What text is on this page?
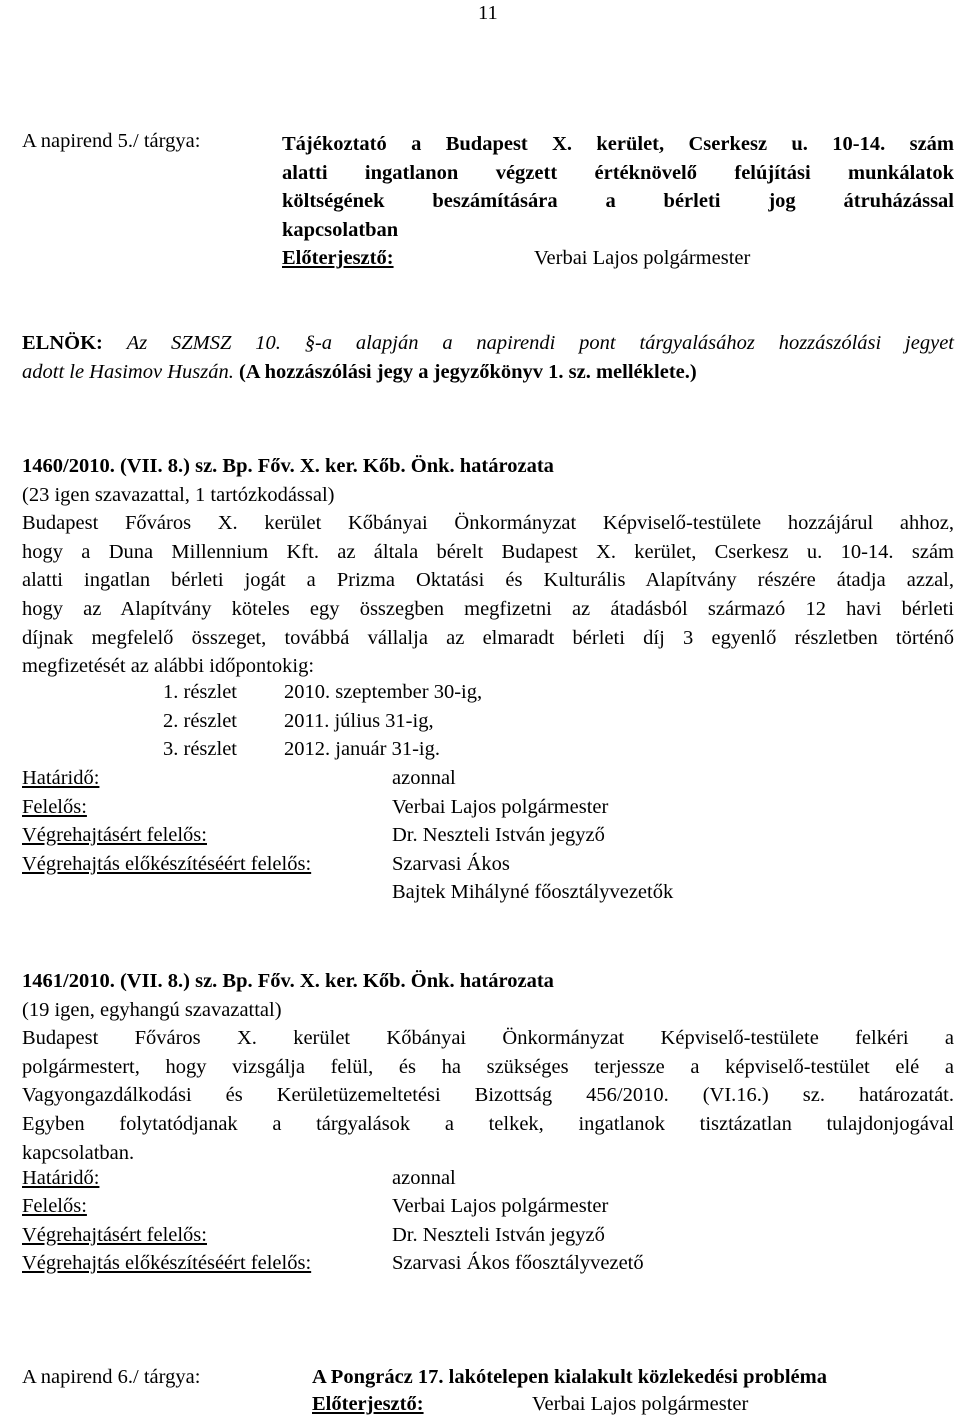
11
A napirend 5./ tárgya:	Tájékoztató a Budapest X. kerület, Cserkesz u. 10-14. szám
alatti ingatlanon végzett értéknövelő felújítási munkálatok
költségének beszámítására a bérleti jog átruházással
kapcsolatban
Előterjesztő:	Verbai Lajos polgármester
ELNÖK: Az SZMSZ 10. §-a alapján a napirendi pont tárgyalásához hozzászólási jegyet
adott le Hasimov Huszán. (A hozzászólási jegy a jegyzőkönyv 1. sz. melléklete.)
1460/2010. (VII. 8.) sz. Bp. Főv. X. ker. Kőb. Önk. határozata
(23 igen szavazattal, 1 tartózkodással)
Budapest Főváros X. kerület Kőbányai Önkormányzat Képviselő-testülete hozzájárul ahhoz,
hogy a Duna Millennium Kft. az általa bérelt Budapest X. kerület, Cserkesz u. 10-14. szám
alatti ingatlan bérleti jogát a Prizma Oktatási és Kulturális Alapítvány részére átadja azzal,
hogy az Alapítvány köteles egy összegben megfizetni az átadásból származó 12 havi bérleti
díjnak megfelelő összeget, továbbá vállalja az elmaradt bérleti díj 3 egyenlő részletben történő
megfizetését az alábbi időpontokig:
1. részlet 2010. szeptember 30-ig,
2. részlet 2011. július 31-ig,
3. részlet 2012. január 31-ig.
Határidő:	azonnal
Felelős:	Verbai Lajos polgármester
Végrehajtásért felelős:	Dr. Neszteli István jegyző
Végrehajtás előkészítéséért felelős:	Szarvasi Ákos
Bajtek Mihályné főosztályvezetők
1461/2010. (VII. 8.) sz. Bp. Főv. X. ker. Kőb. Önk. határozata
(19 igen, egyhangú szavazattal)
Budapest Főváros X. kerület Kőbányai Önkormányzat Képviselő-testülete felkéri a
polgármestert, hogy vizsgálja felül, és ha szükséges terjessze a képviselő-testület elé a
Vagyongazdálkodási és Kerületüzemeltetési Bizottság 456/2010. (VI.16.) sz. határozatát.
Egyben folytatódjanak a tárgyalások a telkek, ingatlanok tisztázatlan tulajdonjogával
kapcsolatban.
Határidő:	azonnal
Felelős:	Verbai Lajos polgármester
Végrehajtásért felelős:	Dr. Neszteli István jegyző
Végrehajtás előkészítéséért felelős:	Szarvasi Ákos főosztályvezető
A napirend 6./ tárgya:	A Pongrácz 17. lakótelepen kialakult közlekedési probléma
Előterjesztő:	Verbai Lajos polgármester
